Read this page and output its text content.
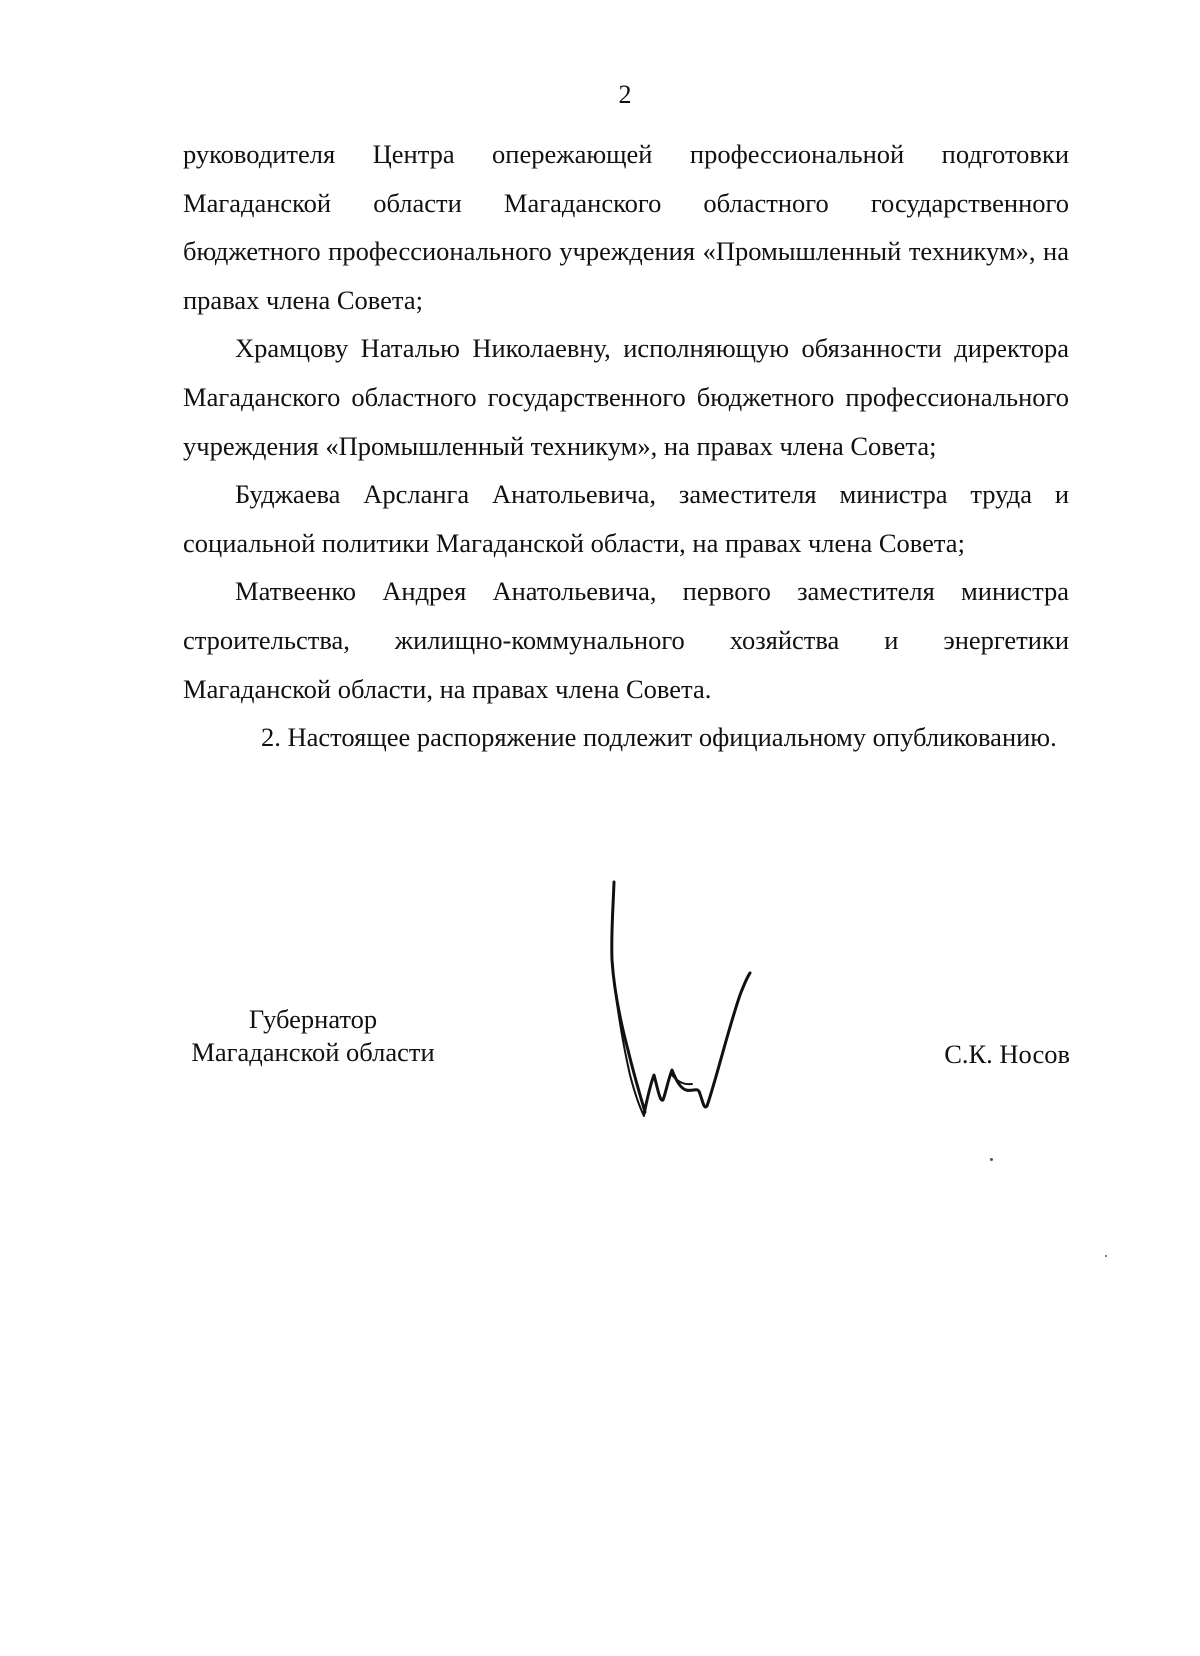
2

руководителя Центра опережающей профессиональной подготовки Магаданской области Магаданского областного государственного бюджетного профессионального учреждения «Промышленный техникум», на правах члена Совета;

Храмцову Наталью Николаевну, исполняющую обязанности директора Магаданского областного государственного бюджетного профессионального учреждения «Промышленный техникум», на правах члена Совета;

Буджаева Арсланга Анатольевича, заместителя министра труда и социальной политики Магаданской области, на правах члена Совета;

Матвеенко Андрея Анатольевича, первого заместителя министра строительства, жилищно-коммунального хозяйства и энергетики Магаданской области, на правах члена Совета.

2. Настоящее распоряжение подлежит официальному опубликованию.

Губернатор
Магаданской области	С.К. Носов
